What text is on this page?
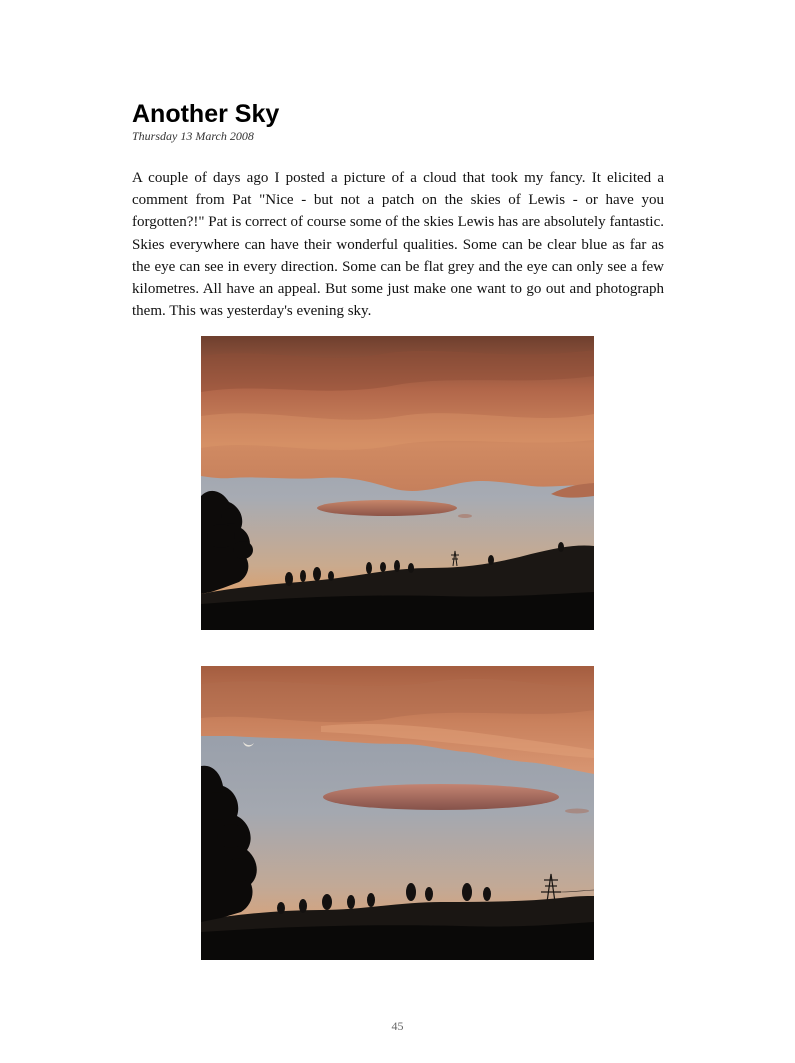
Another Sky
Thursday 13 March 2008

A couple of days ago I posted a picture of a cloud that took my fancy. It elicited a comment from Pat "Nice - but not a patch on the skies of Lewis - or have you forgotten?!" Pat is correct of course some of the skies Lewis has are absolutely fantastic. Skies everywhere can have their wonderful qualities. Some can be clear blue as far as the eye can see in every direction. Some can be flat grey and the eye can only see a few kilometres. All have an appeal. But some just make one want to go out and photograph them. This was yesterday's evening sky.

45
